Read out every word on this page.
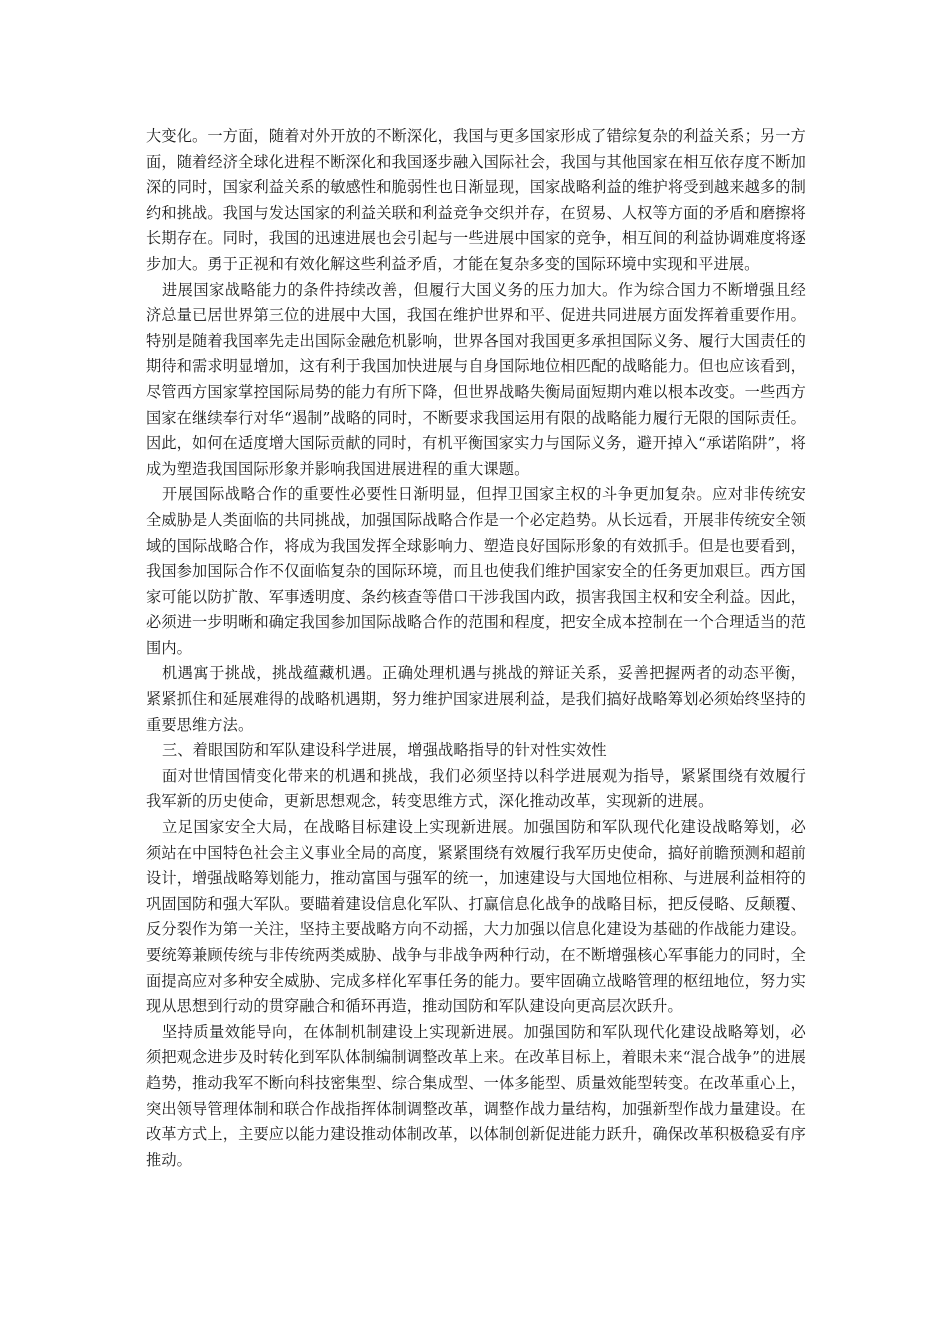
大变化。一方面，随着对外开放的不断深化，我国与更多国家形成了错综复杂的利益关系；另一方面，随着经济全球化进程不断深化和我国逐步融入国际社会，我国与其他国家在相互依存度不断加深的同时，国家利益关系的敏感性和脆弱性也日渐显现，国家战略利益的维护将受到越来越多的制约和挑战。我国与发达国家的利益关联和利益竞争交织并存，在贸易、人权等方面的矛盾和磨擦将长期存在。同时，我国的迅速进展也会引起与一些进展中国家的竞争，相互间的利益协调难度将逐步加大。勇于正视和有效化解这些利益矛盾，才能在复杂多变的国际环境中实现和平进展。

进展国家战略能力的条件持续改善，但履行大国义务的压力加大。作为综合国力不断增强且经济总量已居世界第三位的进展中大国，我国在维护世界和平、促进共同进展方面发挥着重要作用。特别是随着我国率先走出国际金融危机影响，世界各国对我国更多承担国际义务、履行大国责任的期待和需求明显增加，这有利于我国加快进展与自身国际地位相匹配的战略能力。但也应该看到，尽管西方国家掌控国际局势的能力有所下降，但世界战略失衡局面短期内难以根本改变。一些西方国家在继续奉行对华“遏制”战略的同时，不断要求我国运用有限的战略能力履行无限的国际责任。因此，如何在适度增大国际贡献的同时，有机平衡国家实力与国际义务，避开掉入“承诺陷阱”，将成为塑造我国国际形象并影响我国进展进程的重大课题。

开展国际战略合作的重要性必要性日渐明显，但捍卫国家主权的斗争更加复杂。应对非传统安全威胁是人类面临的共同挑战，加强国际战略合作是一个必定趋势。从长远看，开展非传统安全领域的国际战略合作，将成为我国发挥全球影响力、塑造良好国际形象的有效抓手。但是也要看到，我国参加国际合作不仅面临复杂的国际环境，而且也使我们维护国家安全的任务更加艰巨。西方国家可能以防扩散、军事透明度、条约核查等借口干涉我国内政，损害我国主权和安全利益。因此，必须进一步明晰和确定我国参加国际战略合作的范围和程度，把安全成本控制在一个合理适当的范围内。

机遇寓于挑战，挑战蕴藏机遇。正确处理机遇与挑战的辩证关系，妥善把握两者的动态平衡，紧紧抓住和延展难得的战略机遇期，努力维护国家进展利益，是我们搞好战略筹划必须始终坚持的重要思维方法。

三、着眼国防和军队建设科学进展，增强战略指导的针对性实效性

面对世情国情变化带来的机遇和挑战，我们必须坚持以科学进展观为指导，紧紧围绕有效履行我军新的历史使命，更新思想观念，转变思维方式，深化推动改革，实现新的进展。

立足国家安全大局，在战略目标建设上实现新进展。加强国防和军队现代化建设战略筹划，必须站在中国特色社会主义事业全局的高度，紧紧围绕有效履行我军历史使命，搞好前瞻预测和超前设计，增强战略筹划能力，推动富国与强军的统一，加速建设与大国地位相称、与进展利益相符的巩固国防和强大军队。要瞄着建设信息化军队、打赢信息化战争的战略目标，把反侵略、反颠覆、反分裂作为第一关注，坚持主要战略方向不动摇，大力加强以信息化建设为基础的作战能力建设。要统筹兼顾传统与非传统两类威胁、战争与非战争两种行动，在不断增强核心军事能力的同时，全面提高应对多种安全威胁、完成多样化军事任务的能力。要牢固确立战略管理的枢纽地位，努力实现从思想到行动的贯穿融合和循环再造，推动国防和军队建设向更高层次跃升。

坚持质量效能导向，在体制机制建设上实现新进展。加强国防和军队现代化建设战略筹划，必须把观念进步及时转化到军队体制编制调整改革上来。在改革目标上，着眼未来“混合战争”的进展趋势，推动我军不断向科技密集型、综合集成型、一体多能型、质量效能型转变。在改革重心上，突出领导管理体制和联合作战指挥体制调整改革，调整作战力量结构，加强新型作战力量建设。在改革方式上，主要应以能力建设推动体制改革，以体制创新促进能力跃升，确保改革积极稳妥有序推动。
